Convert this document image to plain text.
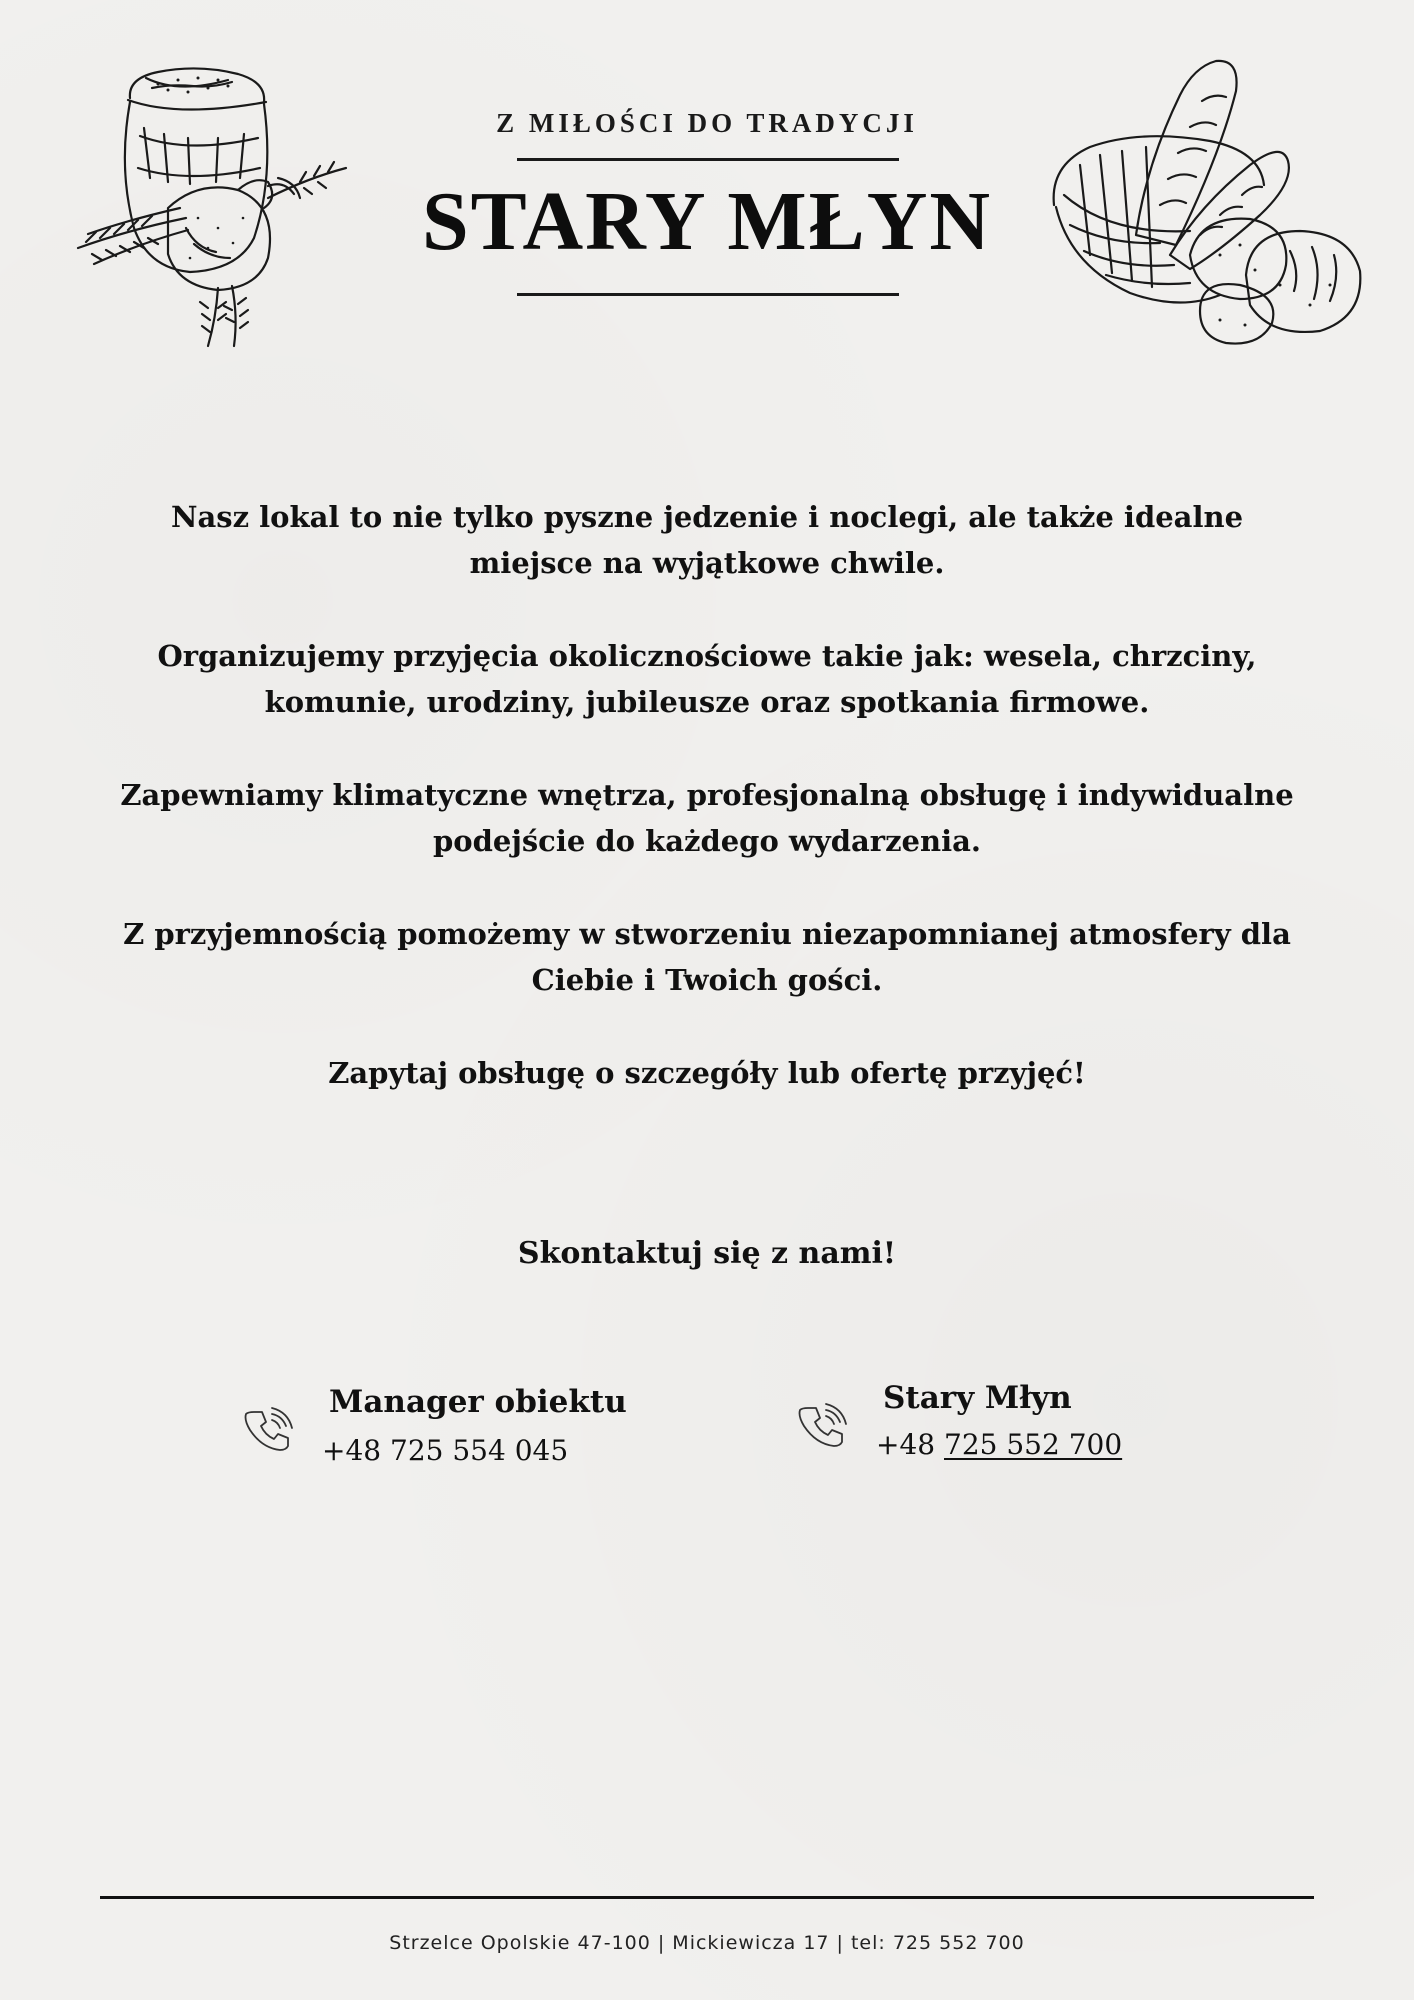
Z MIŁOŚCI DO TRADYCJI
STARY MŁYN

Nasz lokal to nie tylko pyszne jedzenie i noclegi, ale także idealne miejsce na wyjątkowe chwile.

Organizujemy przyjęcia okolicznościowe takie jak: wesela, chrzciny, komunie, urodziny, jubileusze oraz spotkania firmowe.

Zapewniamy klimatyczne wnętrza, profesjonalną obsługę i indywidualne podejście do każdego wydarzenia.

Z przyjemnością pomożemy w stworzeniu niezapomnianej atmosfery dla Ciebie i Twoich gości.

Zapytaj obsługę o szczegóły lub ofertę przyjęć!

Skontaktuj się z nami!
Manager obiektu
+48 725 554 045
Stary Młyn
+48 725 552 700
Strzelce Opolskie 47-100 | Mickiewicza 17 | tel: 725 552 700
